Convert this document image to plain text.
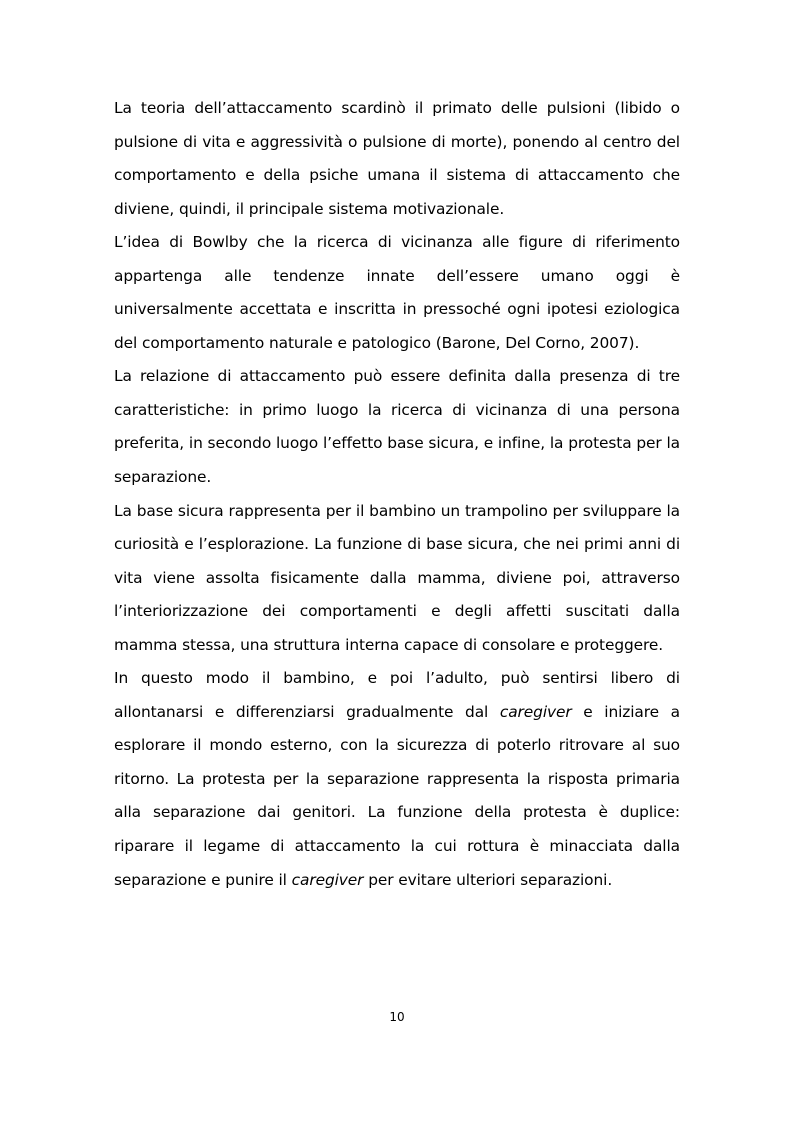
La teoria dell’attaccamento scardinò il primato delle pulsioni (libido o pulsione di vita e aggressività o pulsione di morte), ponendo al centro del comportamento e della psiche umana il sistema di attaccamento che diviene, quindi, il principale sistema motivazionale.

L’idea di Bowlby che la ricerca di vicinanza alle figure di riferimento appartenga alle tendenze innate dell’essere umano oggi è universalmente accettata e inscritta in pressoché ogni ipotesi eziologica del comportamento naturale e patologico (Barone, Del Corno, 2007).

La relazione di attaccamento può essere definita dalla presenza di tre caratteristiche: in primo luogo la ricerca di vicinanza di una persona preferita, in secondo luogo l’effetto base sicura, e infine, la protesta per la separazione.

La base sicura rappresenta per il bambino un trampolino per sviluppare la curiosità e l’esplorazione. La funzione di base sicura, che nei primi anni di vita viene assolta fisicamente dalla mamma, diviene poi, attraverso l’interiorizzazione dei comportamenti e degli affetti suscitati dalla mamma stessa, una struttura interna capace di consolare e proteggere.

In questo modo il bambino, e poi l’adulto, può sentirsi libero di allontanarsi e differenziarsi gradualmente dal caregiver e iniziare a esplorare il mondo esterno, con la sicurezza di poterlo ritrovare al suo ritorno. La protesta per la separazione rappresenta la risposta primaria alla separazione dai genitori. La funzione della protesta è duplice: riparare il legame di attaccamento la cui rottura è minacciata dalla separazione e punire il caregiver per evitare ulteriori separazioni.

10
